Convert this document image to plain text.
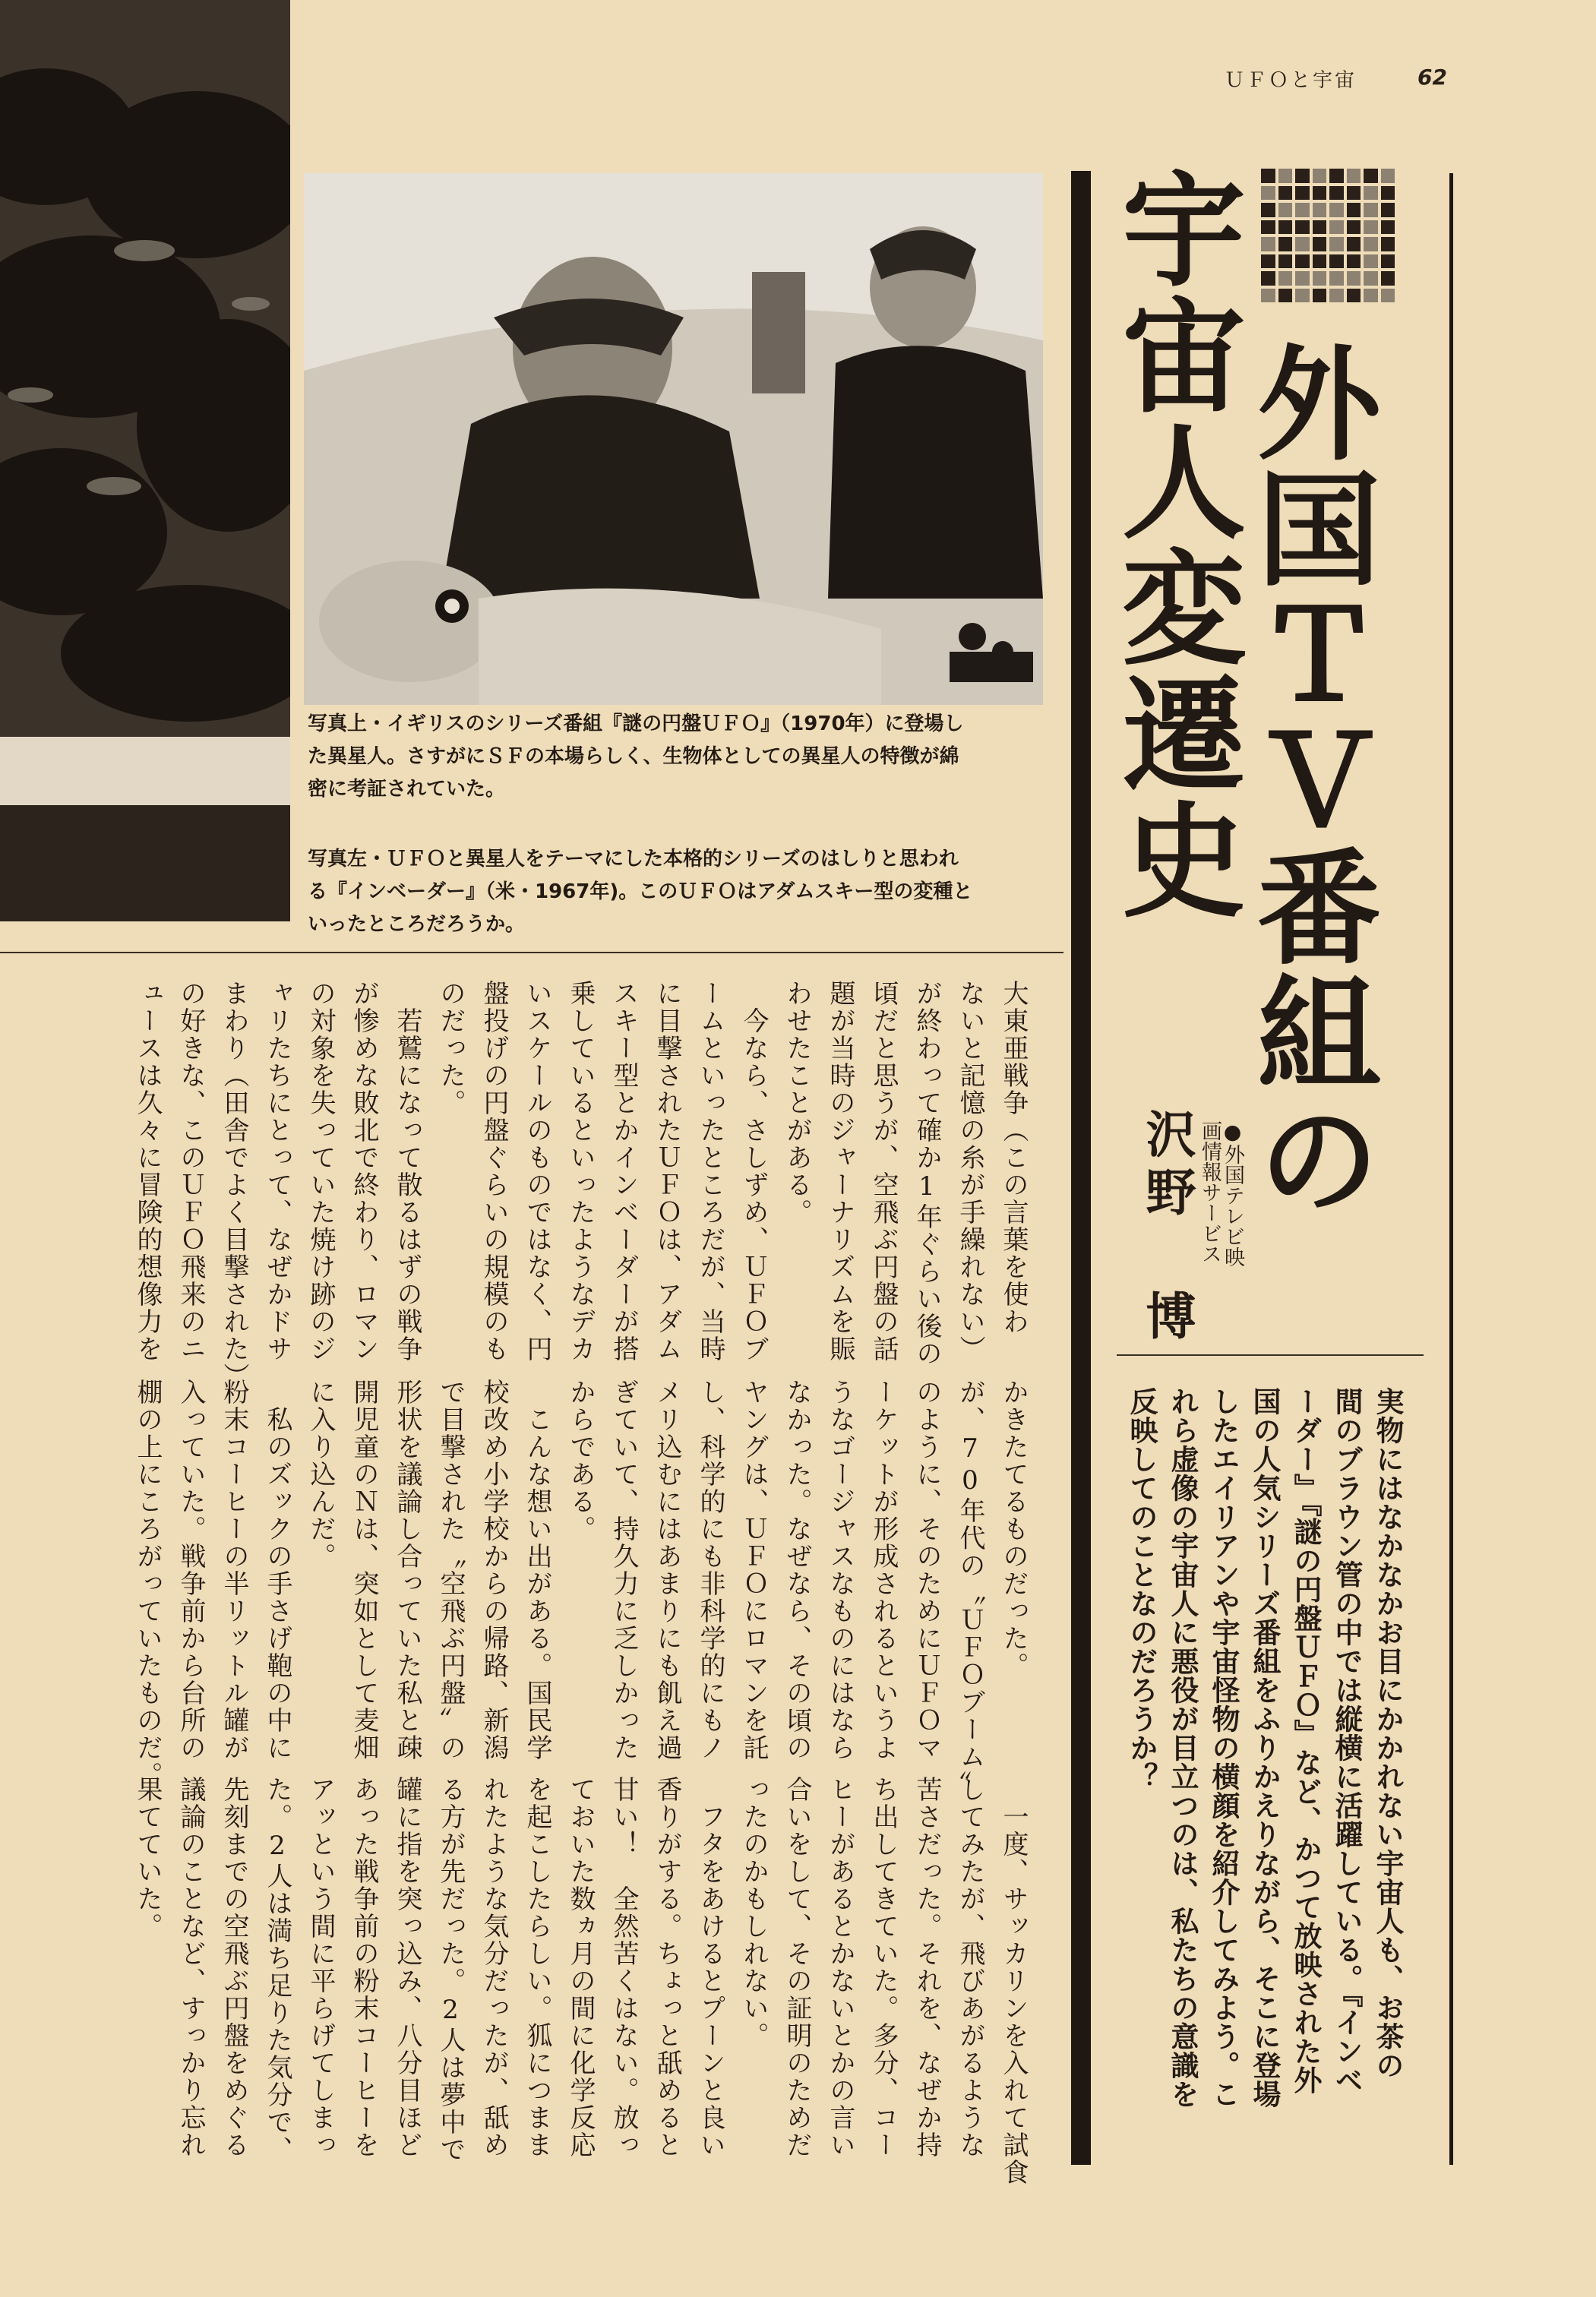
ＵＦＯと宇宙	62

写真上・イギリスのシリーズ番組『謎の円盤ＵＦＯ』（1970年）に登場し
た異星人。さすがにＳＦの本場らしく、生物体としての異星人の特徴が綿
密に考証されていた。

写真左・ＵＦＯと異星人をテーマにした本格的シリーズのはしりと思われ
る『インベーダー』（米・1967年)。このＵＦＯはアダムスキー型の変種と
いったところだろうか。	外国ＴＶ番組の
宇宙人変遷史
●外国テレビ映
画情報サービス
沢野 博
実物にはなかなかお目にかかれない宇宙人も、お茶の
間のブラウン管の中では縦横に活躍している。『インベ
ーダー』『謎の円盤ＵＦＯ』など、かつて放映された外
国の人気シリーズ番組をふりかえりながら、そこに登場
したエイリアンや宇宙怪物の横顔を紹介してみよう。こ
れら虚像の宇宙人に悪役が目立つのは、私たちの意識を
反映してのことなのだろうか？
大東亜戦争（この言葉を使わ
ないと記憶の糸が手繰れない）
が終わって確か1年ぐらい後の
頃だと思うが、空飛ぶ円盤の話
題が当時のジャーナリズムを賑
わせたことがある。
　今なら、さしずめ、ＵＦＯブ
ームといったところだが、当時
に目撃されたＵＦＯは、アダム
スキー型とかインベーダーが搭
乗しているといったようなデカ
いスケールのものではなく、円
盤投げの円盤ぐらいの規模のも
のだった。
　若鷲になって散るはずの戦争
が惨めな敗北で終わり、ロマン
の対象を失っていた焼け跡のジ
ャリたちにとって、なぜかドサ
まわり（田舎でよく目撃された）
の好きな、このＵＦＯ飛来のニ
ュースは久々に冒険的想像力を
かきたてるものだった。
が、70年代の〝ＵＦＯブーム〟
のように、そのためにＵＦＯマ
ーケットが形成されるというよ
うなゴージャスなものにはなら
なかった。なぜなら、その頃の
ヤングは、ＵＦＯにロマンを託
し、科学的にも非科学的にもノ
メリ込むにはあまりにも飢え過
ぎていて、持久力に乏しかった
からである。
　こんな想い出がある。国民学
校改め小学校からの帰路、新潟
で目撃された〝空飛ぶ円盤〟の
形状を議論し合っていた私と疎
開児童のＮは、突如として麦畑
に入り込んだ。
　私のズックの手さげ鞄の中に
粉末コーヒーの半リットル罐が
入っていた。戦争前から台所の
棚の上にころがっていたものだ。
　一度、サッカリンを入れて試食
してみたが、飛びあがるような
苦さだった。それを、なぜか持
ち出してきていた。多分、コー
ヒーがあるとかないとかの言い
合いをして、その証明のためだ
ったのかもしれない。
　フタをあけるとプーンと良い
香りがする。ちょっと舐めると
甘い！　全然苦くはない。放っ
ておいた数ヵ月の間に化学反応
を起こしたらしい。狐につまま
れたような気分だったが、舐め
る方が先だった。2人は夢中で
罐に指を突っ込み、八分目ほど
あった戦争前の粉末コーヒーを
アッという間に平らげてしまっ
た。2人は満ち足りた気分で、
先刻までの空飛ぶ円盤をめぐる
議論のことなど、すっかり忘れ
果てていた。
